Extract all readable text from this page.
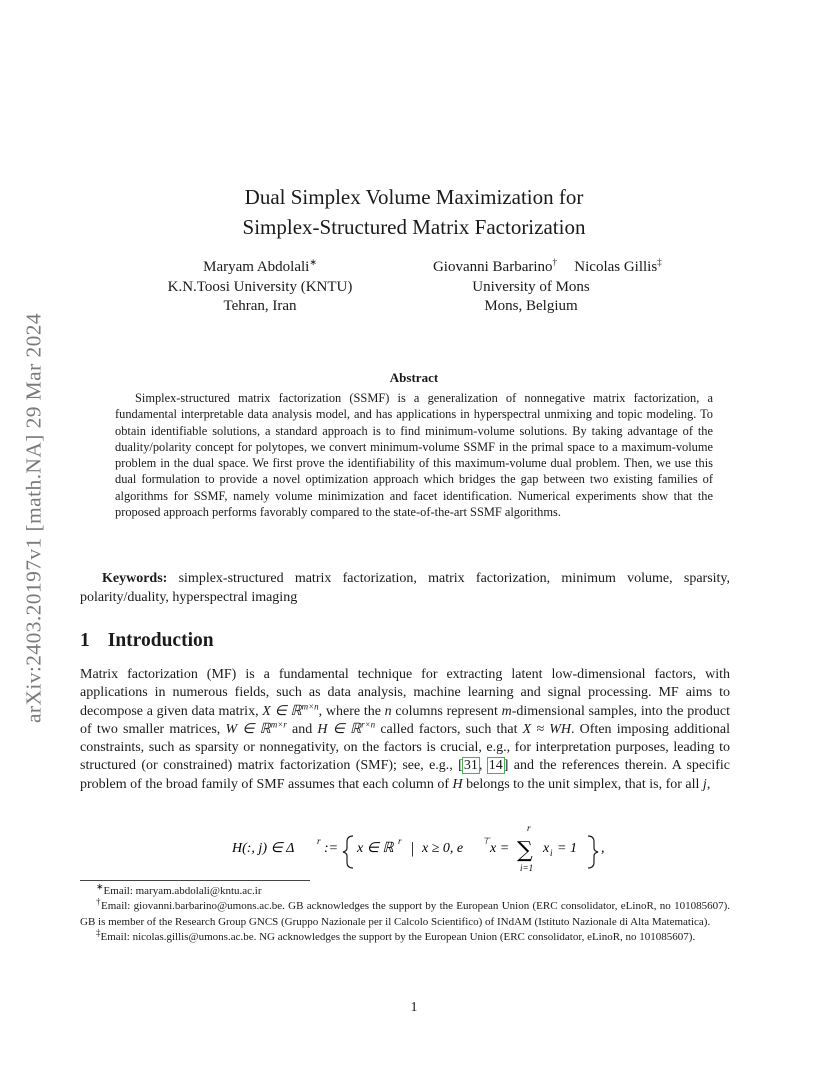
arXiv:2403.20197v1 [math.NA] 29 Mar 2024
Dual Simplex Volume Maximization for
Simplex-Structured Matrix Factorization
Maryam Abdolali∗
K.N.Toosi University (KNTU)
Tehran, Iran
Giovanni Barbarino†	Nicolas Gillis‡
University of Mons
Mons, Belgium
Abstract
Simplex-structured matrix factorization (SSMF) is a generalization of nonnegative matrix factorization, a fundamental interpretable data analysis model, and has applications in hyperspectral unmixing and topic modeling. To obtain identifiable solutions, a standard approach is to find minimum-volume solutions. By taking advantage of the duality/polarity concept for polytopes, we convert minimum-volume SSMF in the primal space to a maximum-volume problem in the dual space. We first prove the identifiability of this maximum-volume dual problem. Then, we use this dual formulation to provide a novel optimization approach which bridges the gap between two existing families of algorithms for SSMF, namely volume minimization and facet identification. Numerical experiments show that the proposed approach performs favorably compared to the state-of-the-art SSMF algorithms.
Keywords: simplex-structured matrix factorization, matrix factorization, minimum volume, sparsity, polarity/duality, hyperspectral imaging
1 Introduction
Matrix factorization (MF) is a fundamental technique for extracting latent low-dimensional factors, with applications in numerous fields, such as data analysis, machine learning and signal processing. MF aims to decompose a given data matrix, X ∈ ℝ$^{m\times n}$, where the n columns represent m-dimensional samples, into the product of two smaller matrices, W ∈ ℝ$^{m\times r}$ and H ∈ ℝ$^{r\times n}$ called factors, such that X ≈ WH. Often imposing additional constraints, such as sparsity or nonnegativity, on the factors is crucial, e.g., for interpretation purposes, leading to structured (or constrained) matrix factorization (SMF); see, e.g., [31, 14] and the references therein. A specific problem of the broad family of SMF assumes that each column of H belongs to the unit simplex, that is, for all j,
H(:, j) ∈ Δ	r := x ∈ ℝ r | x ≥ 0, e ⊤ x =
r
∑
i=1
x i = 1 ,

∗Email: maryam.abdolali@kntu.ac.ir

†Email: giovanni.barbarino@umons.ac.be. GB acknowledges the support by the European Union (ERC consolidator, eLinoR, no 101085607). GB is member of the Research Group GNCS (Gruppo Nazionale per il Calcolo Scientifico) of INdAM (Istituto Nazionale di Alta Matematica).

‡Email: nicolas.gillis@umons.ac.be. NG acknowledges the support by the European Union (ERC consolidator, eLinoR, no 101085607).

1
